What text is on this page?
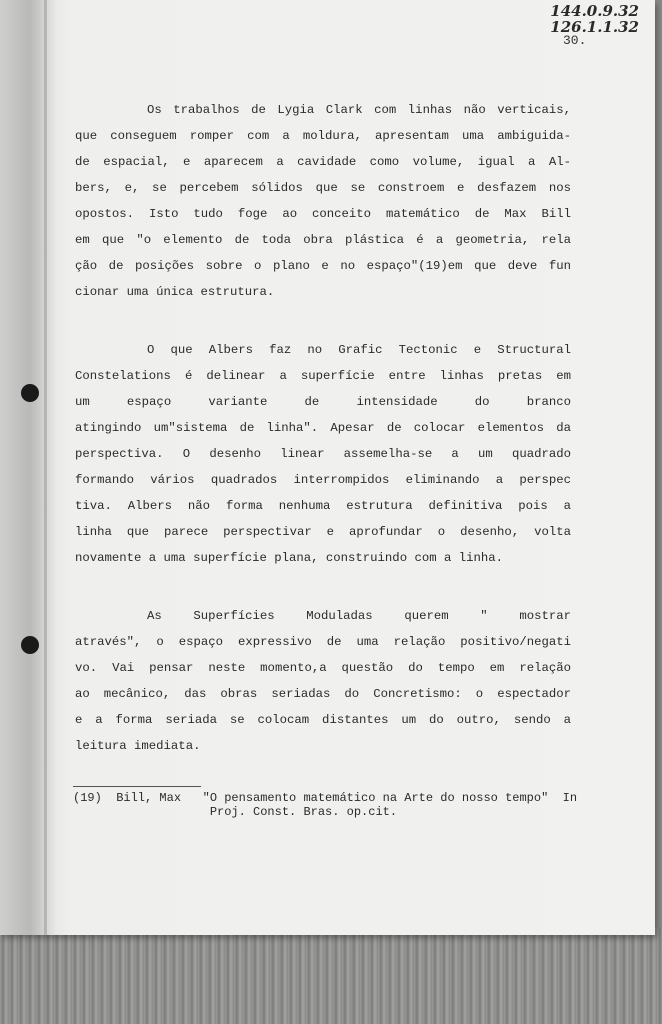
144.0.9.32
126.1.1.32
30.
Os trabalhos de Lygia Clark com linhas não verticais,
que conseguem romper com a moldura, apresentam uma ambiguida-
de espacial, e aparecem a cavidade como volume, igual a Al-
bers, e, se percebem sólidos que se constroem e desfazem nos
opostos. Isto tudo foge ao conceito matemático de Max Bill
em que "o elemento de toda obra plástica é a geometria, rela
ção de posições sobre o plano e no espaço"(19)em que deve fun
cionar uma única estrutura.
O que Albers faz no Grafic Tectonic e Structural
Constelations é delinear a superfície entre linhas pretas em
um espaço variante de intensidade do branco
atingindo um"sistema de linha". Apesar de colocar elementos da
perspectiva. O desenho linear assemelha-se a um quadrado
formando vários quadrados interrompidos eliminando a perspec
tiva. Albers não forma nenhuma estrutura definitiva pois a
linha que parece perspectivar e aprofundar o desenho, volta
novamente a uma superfície plana, construindo com a linha.
As Superfícies Moduladas querem " mostrar
através", o espaço expressivo de uma relação positivo/negati
vo. Vai pensar neste momento,a questão do tempo em relação
ao mecânico, das obras seriadas do Concretismo: o espectador
e a forma seriada se colocam distantes um do outro, sendo a
leitura imediata.
(19)  Bill, Max   "O pensamento matemático na Arte do nosso tempo"  In
Proj. Const. Bras. op.cit.
